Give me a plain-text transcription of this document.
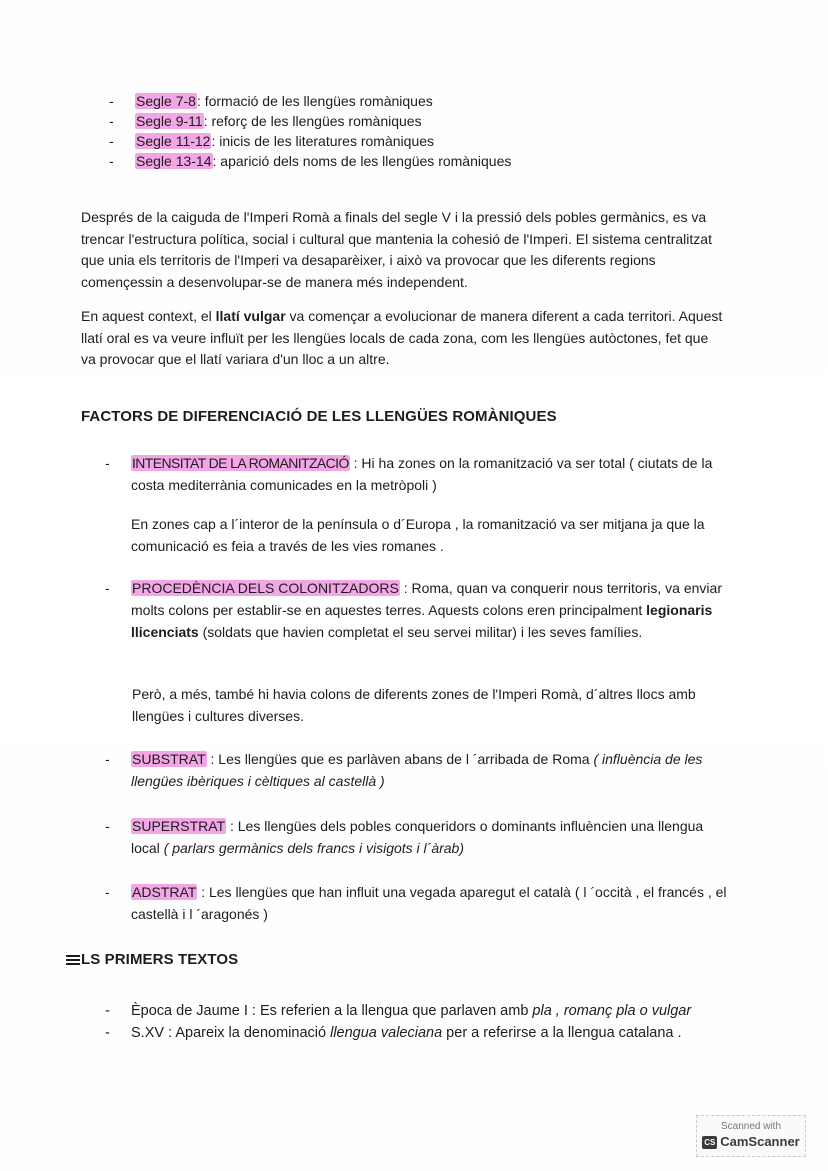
- Segle 7-8: formació de les llengües romàniques
- Segle 9-11: reforç de les llengües romàniques
- Segle 11-12: inicis de les literatures romàniques
- Segle 13-14: aparició dels noms de les llengües romàniques

Després de la caiguda de l'Imperi Romà a finals del segle V i la pressió dels pobles germànics, es va trencar l'estructura política, social i cultural que mantenia la cohesió de l'Imperi. El sistema centralitzat que unia els territoris de l'Imperi va desaparèixer, i això va provocar que les diferents regions començessin a desenvolupar-se de manera més independent.

En aquest context, el llatí vulgar va començar a evolucionar de manera diferent a cada territori. Aquest llatí oral es va veure influït per les llengües locals de cada zona, com les llengües autòctones, fet que va provocar que el llatí variara d'un lloc a un altre.

FACTORS DE DIFERENCIACIÓ DE LES LLENGÜES ROMÀNIQUES
- INTENSITAT DE LA ROMANITZACIÓ : Hi ha zones on la romanització va ser total ( ciutats de la costa mediterrània comunicades en la metròpoli )
En zones cap a l´interor de la península o d´Europa , la romanització va ser mitjana ja que la comunicació es feia a través de les vies romanes .
- PROCEDÈNCIA DELS COLONITZADORS : Roma, quan va conquerir nous territoris, va enviar molts colons per establir-se en aquestes terres. Aquests colons eren principalment legionaris llicenciats (soldats que havien completat el seu servei militar) i les seves famílies.
Però, a més, també hi havia colons de diferents zones de l'Imperi Romà, d´altres llocs amb llengües i cultures diverses.
- SUBSTRAT : Les llengües que es parlàven abans de l ´arribada de Roma ( influència de les llengües ibèriques i cèltiques al castellà )
- SUPERSTRAT : Les llengües dels pobles conqueridors o dominants influèncien una llengua local ( parlars germànics dels francs i visigots i l´àrab)
- ADSTRAT : Les llengües que han influit una vegada aparegut el català ( l ´occità , el francés , el castellà i l ´aragonés )
LS PRIMERS TEXTOS
- Època de Jaume I : Es referien a la llengua que parlaven amb pla , romanç pla o vulgar
- S.XV : Apareix la denominació llengua valeciana per a referirse a la llengua catalana .
Scanned with
CS CamScanner
